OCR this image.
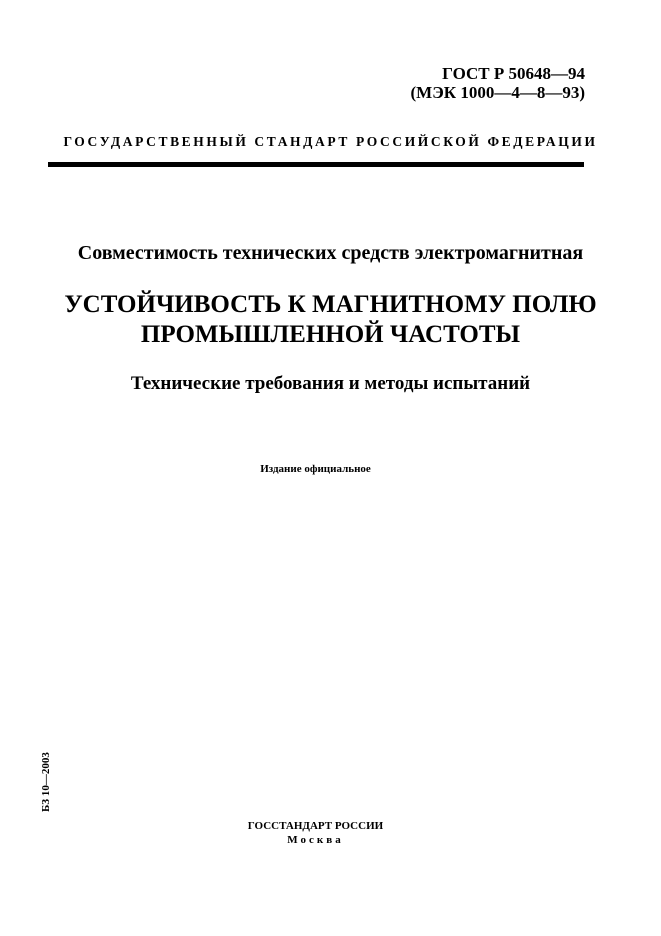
ГОСТ Р 50648—94
(МЭК 1000—4—8—93)
ГОСУДАРСТВЕННЫЙ СТАНДАРТ РОССИЙСКОЙ ФЕДЕРАЦИИ
Совместимость технических средств электромагнитная
УСТОЙЧИВОСТЬ К МАГНИТНОМУ ПОЛЮ
ПРОМЫШЛЕННОЙ ЧАСТОТЫ
Технические требования и методы испытаний
Издание официальное
БЗ 10—2003
ГОССТАНДАРТ РОССИИ
Москва
